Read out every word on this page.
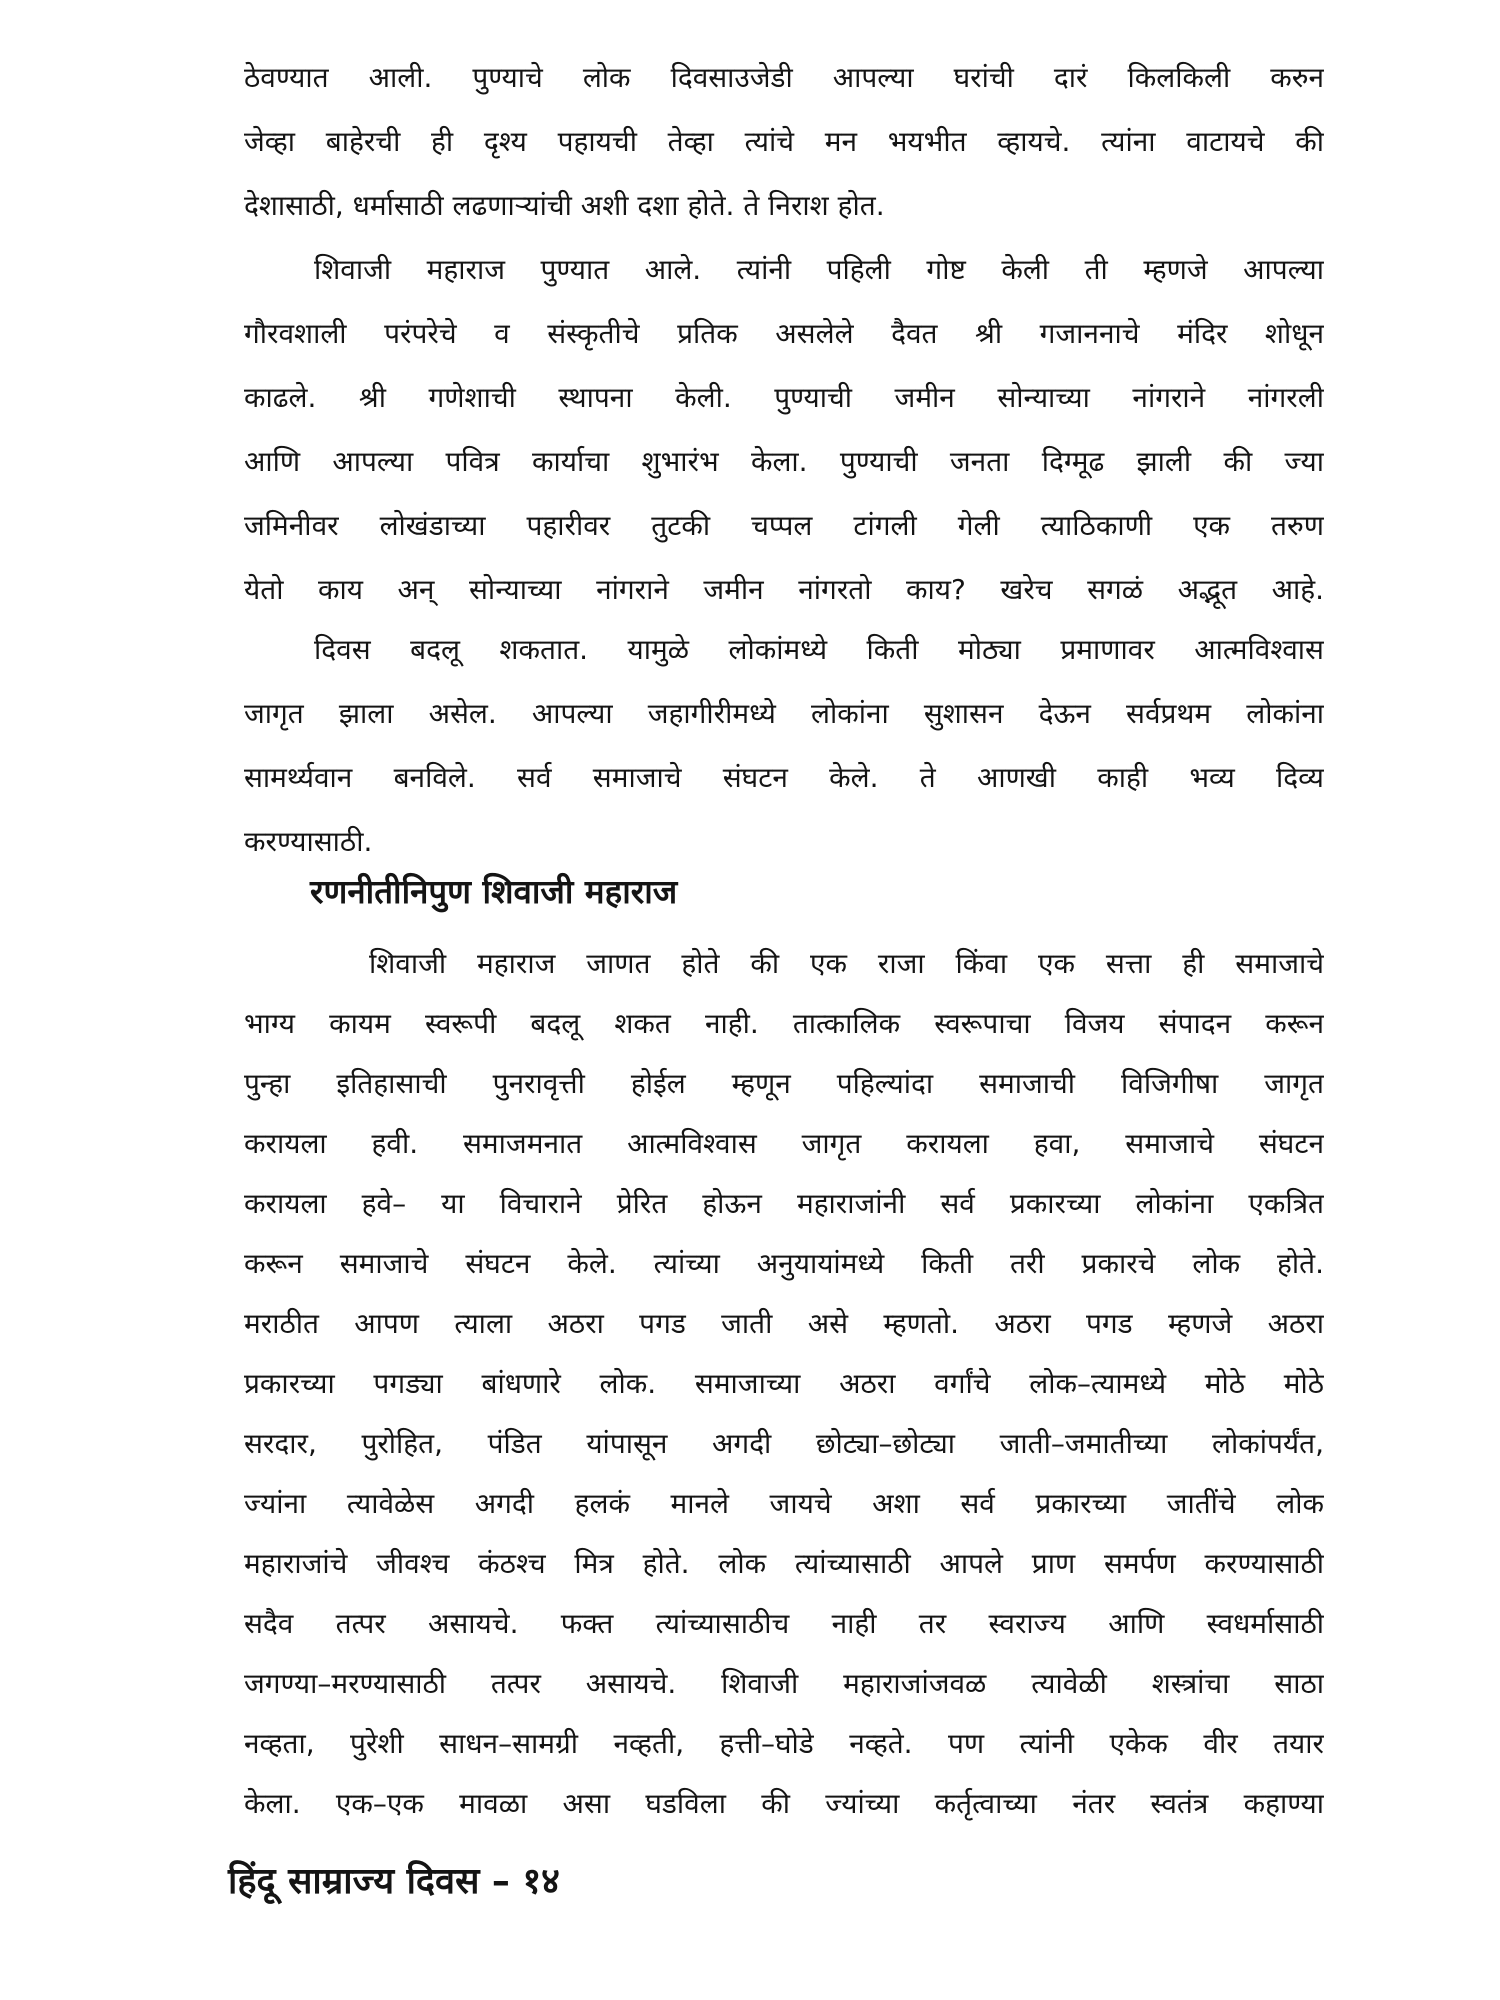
ठेवण्यात आली. पुण्याचे लोक दिवसाउजेडी आपल्या घरांची दारं किलकिली करुन
जेव्हा बाहेरची ही दृश्य पहायची तेव्हा त्यांचे मन भयभीत व्हायचे. त्यांना वाटायचे की
देशासाठी, धर्मासाठी लढणाऱ्यांची अशी दशा होते. ते निराश होत.
शिवाजी महाराज पुण्यात आले. त्यांनी पहिली गोष्ट केली ती म्हणजे आपल्या
गौरवशाली परंपरेचे व संस्कृतीचे प्रतिक असलेले दैवत श्री गजाननाचे मंदिर शोधून
काढले. श्री गणेशाची स्थापना केली. पुण्याची जमीन सोन्याच्या नांगराने नांगरली
आणि आपल्या पवित्र कार्याचा शुभारंभ केला. पुण्याची जनता दिग्मूढ झाली की ज्या
जमिनीवर लोखंडाच्या पहारीवर तुटकी चप्पल टांगली गेली त्याठिकाणी एक तरुण
येतो काय अन् सोन्याच्या नांगराने जमीन नांगरतो काय? खरेच सगळं अद्भूत आहे.
दिवस बदलू शकतात. यामुळे लोकांमध्ये किती मोठ्या प्रमाणावर आत्मविश्वास
जागृत झाला असेल. आपल्या जहागीरीमध्ये लोकांना सुशासन देऊन सर्वप्रथम लोकांना
सामर्थ्यवान बनविले. सर्व समाजाचे संघटन केले. ते आणखी काही भव्य दिव्य
करण्यासाठी.
रणनीतीनिपुण शिवाजी महाराज
शिवाजी महाराज जाणत होते की एक राजा किंवा एक सत्ता ही समाजाचे
भाग्य कायम स्वरूपी बदलू शकत नाही. तात्कालिक स्वरूपाचा विजय संपादन करून
पुन्हा इतिहासाची पुनरावृत्ती होईल म्हणून पहिल्यांदा समाजाची विजिगीषा जागृत
करायला हवी. समाजमनात आत्मविश्वास जागृत करायला हवा, समाजाचे संघटन
करायला हवे– या विचाराने प्रेरित होऊन महाराजांनी सर्व प्रकारच्या लोकांना एकत्रित
करून समाजाचे संघटन केले. त्यांच्या अनुयायांमध्ये किती तरी प्रकारचे लोक होते.
मराठीत आपण त्याला अठरा पगड जाती असे म्हणतो. अठरा पगड म्हणजे अठरा
प्रकारच्या पगड्या बांधणारे लोक. समाजाच्या अठरा वर्गांचे लोक–त्यामध्ये मोठे मोठे
सरदार, पुरोहित, पंडित यांपासून अगदी छोट्या–छोट्या जाती–जमातीच्या लोकांपर्यंत,
ज्यांना त्यावेळेस अगदी हलकं मानले जायचे अशा सर्व प्रकारच्या जातींचे लोक
महाराजांचे जीवश्च कंठश्च मित्र होते. लोक त्यांच्यासाठी आपले प्राण समर्पण करण्यासाठी
सदैव तत्पर असायचे. फक्त त्यांच्यासाठीच नाही तर स्वराज्य आणि स्वधर्मासाठी
जगण्या–मरण्यासाठी तत्पर असायचे. शिवाजी महाराजांजवळ त्यावेळी शस्त्रांचा साठा
नव्हता, पुरेशी साधन–सामग्री नव्हती, हत्ती–घोडे नव्हते. पण त्यांनी एकेक वीर तयार
केला. एक–एक मावळा असा घडविला की ज्यांच्या कर्तृत्वाच्या नंतर स्वतंत्र कहाण्या
हिंदू साम्राज्य दिवस – १४
